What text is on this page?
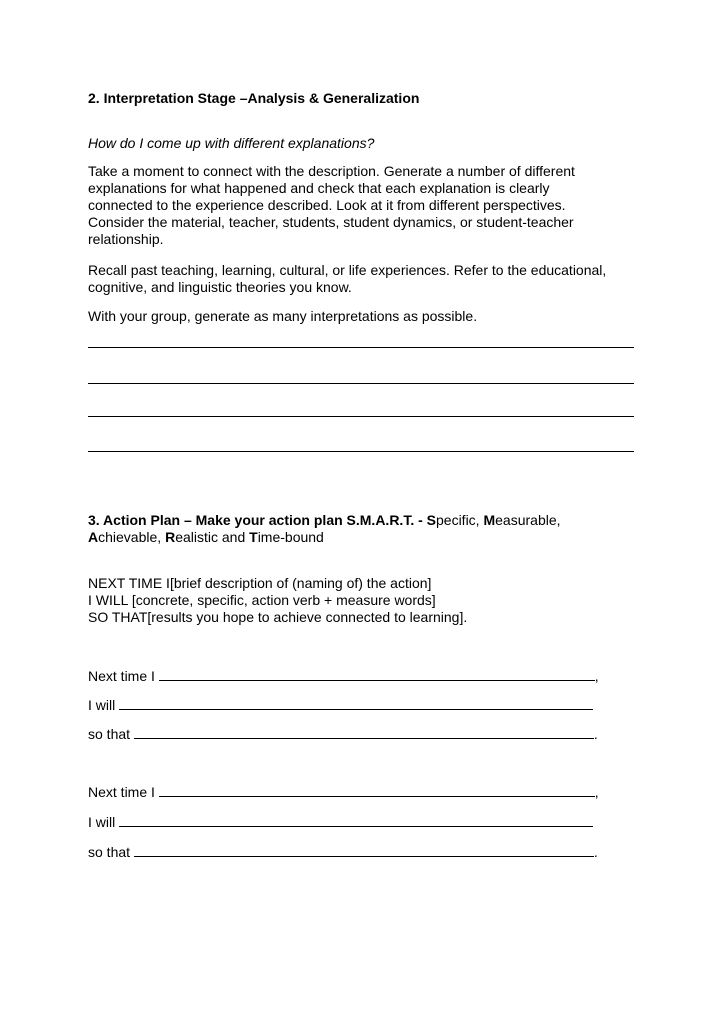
2. Interpretation Stage –Analysis & Generalization
How do I come up with different explanations?
Take a moment to connect with the description. Generate a number of different
explanations for what happened and check that each explanation is clearly
connected to the experience described. Look at it from different perspectives.
Consider the material, teacher, students, student dynamics, or student-teacher
relationship.
Recall past teaching, learning, cultural, or life experiences. Refer to the educational,
cognitive, and linguistic theories you know.
With your group, generate as many interpretations as possible.
3. Action Plan – Make your action plan S.M.A.R.T. - Specific, Measurable,
Achievable, Realistic and Time-bound
NEXT TIME I[brief description of (naming of) the action]
I WILL [concrete, specific, action verb + measure words]
SO THAT[results you hope to achieve connected to learning].
Next time I	,
I will
so that	.
Next time I	,
I will
so that	.
